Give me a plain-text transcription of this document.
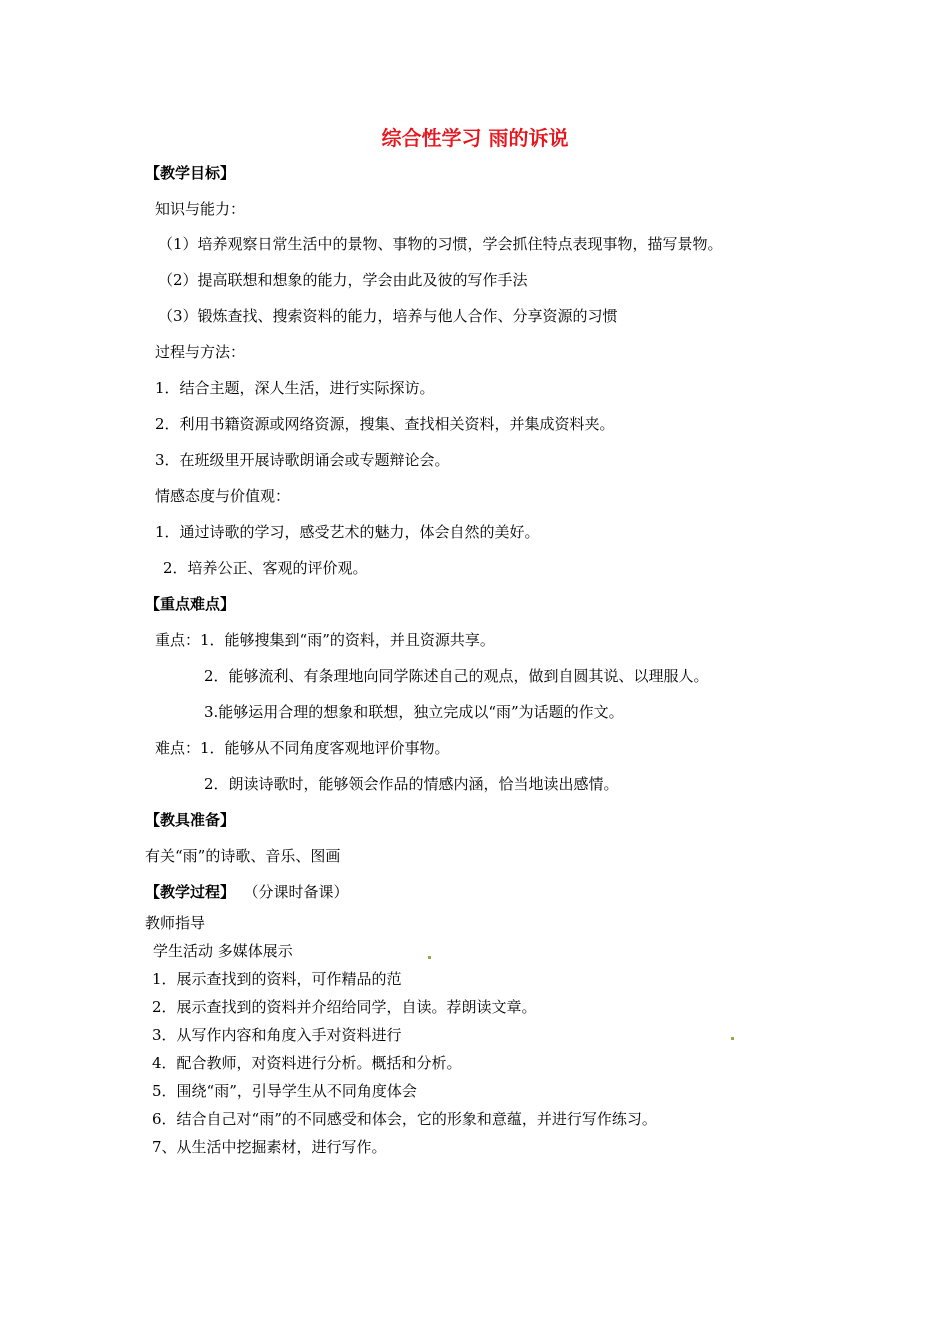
综合性学习 雨的诉说
【教学目标】
知识与能力：
（1）培养观察日常生活中的景物、事物的习惯，学会抓住特点表现事物，描写景物。
（2）提高联想和想象的能力，学会由此及彼的写作手法
（3）锻炼查找、搜索资料的能力，培养与他人合作、分享资源的习惯
过程与方法：
1．结合主题，深人生活，进行实际探访。
2．利用书籍资源或网络资源，搜集、查找相关资料，并集成资料夹。
3．在班级里开展诗歌朗诵会或专题辩论会。
情感态度与价值观：
1．通过诗歌的学习，感受艺术的魅力，体会自然的美好。
2．培养公正、客观的评价观。
【重点难点】
重点：1．能够搜集到“雨”的资料，并且资源共享。
2．能够流利、有条理地向同学陈述自己的观点，做到自圆其说、以理服人。
3.能够运用合理的想象和联想，独立完成以“雨”为话题的作文。
难点：1．能够从不同角度客观地评价事物。
2．朗读诗歌时，能够领会作品的情感内涵，恰当地读出感情。
【教具准备】
有关“雨”的诗歌、音乐、图画
【教学过程】 （分课时备课）
教师指导
学生活动 多媒体展示
1．展示查找到的资料，可作精品的范
2．展示查找到的资料并介绍给同学，自读。荐朗读文章。
3．从写作内容和角度入手对资料进行
4．配合教师，对资料进行分析。概括和分析。
5．围绕“雨”，引导学生从不同角度体会
6．结合自己对“雨”的不同感受和体会，它的形象和意蕴，并进行写作练习。
7、从生活中挖掘素材，进行写作。
